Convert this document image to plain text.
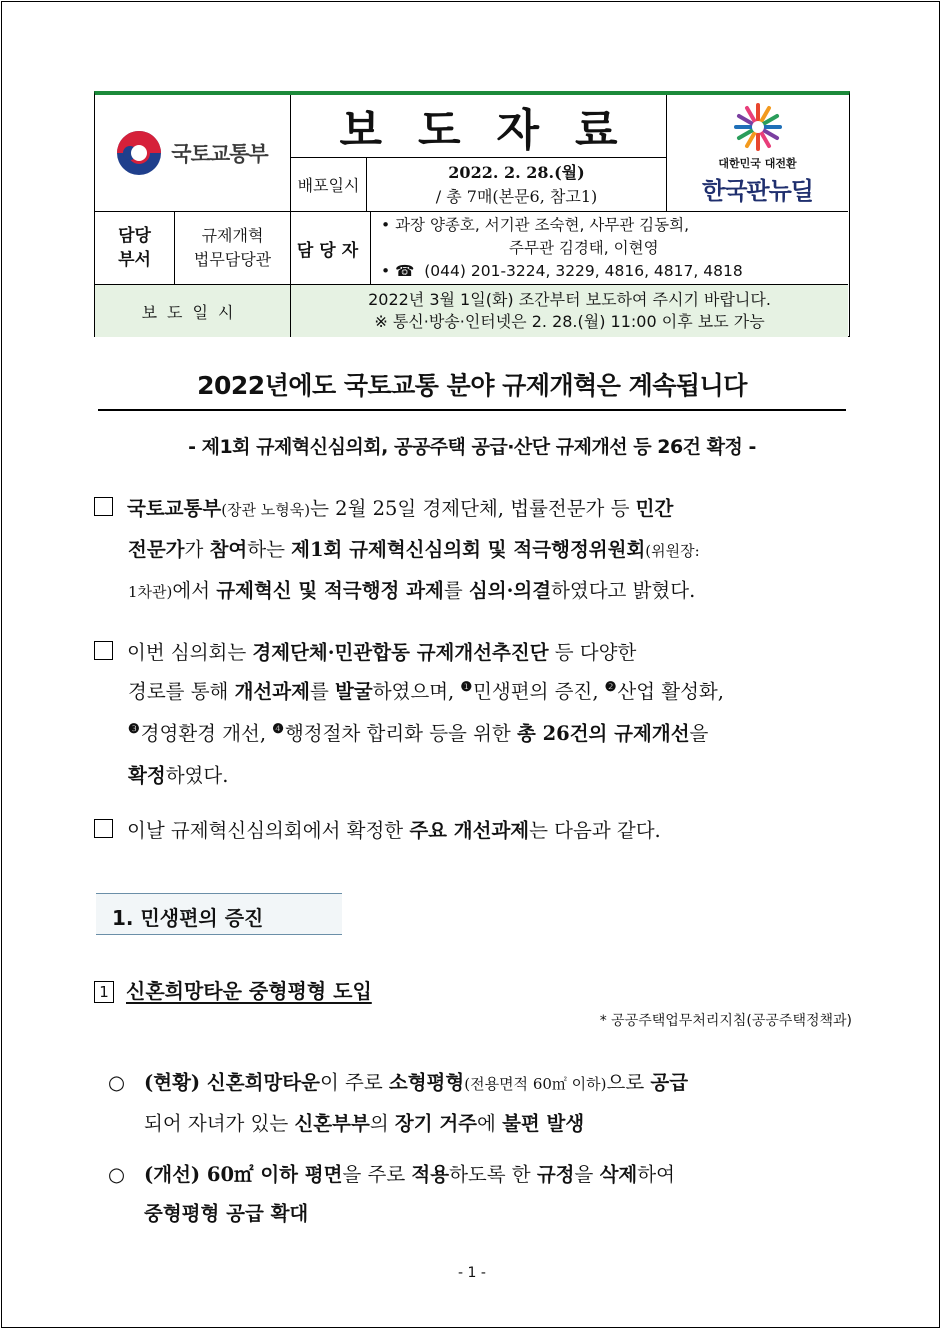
국토교통부	보도자료
배포일시
2022. 2. 28.(월)
/ 총 7매(본문6, 참고1)
대한민국 대전환
한국판뉴딜
담당
부서
규제개혁
법무담당관	담당자
• 과장 양종호, 서기관 조숙현, 사무관 김동희,
주무관 김경태, 이현영
• ☎ (044) 201-3224, 3229, 4816, 4817, 4818
보도일시
2022년 3월 1일(화) 조간부터 보도하여 주시기 바랍니다.
※ 통신·방송·인터넷은 2. 28.(월) 11:00 이후 보도 가능
2022년에도 국토교통 분야 규제개혁은 계속됩니다
- 제1회 규제혁신심의회, 공공주택 공급·산단 규제개선 등 26건 확정 -
국토교통부(장관 노형욱)는 2월 25일 경제단체, 법률전문가 등 민간
전문가가 참여하는 제1회 규제혁신심의회 및 적극행정위원회(위원장:
1차관)에서 규제혁신 및 적극행정 과제를 심의·의결하였다고 밝혔다.
이번 심의회는 경제단체·민관합동 규제개선추진단 등 다양한
경로를 통해 개선과제를 발굴하였으며, $^❶$민생편의 증진, $^❷$산업 활성화,
$^❸$경영환경 개선, $^❹$행정절차 합리화 등을 위한 총 26건의 규제개선을
확정하였다.
이날 규제혁신심의회에서 확정한 주요 개선과제는 다음과 같다.
1. 민생편의 증진
1 신혼희망타운 중형평형 도입
* 공공주택업무처리지침(공공주택정책과)
○ (현황) 신혼희망타운이 주로 소형평형(전용면적 60㎡ 이하)으로 공급
되어 자녀가 있는 신혼부부의 장기 거주에 불편 발생
○ (개선) 60㎡ 이하 평면을 주로 적용하도록 한 규정을 삭제하여
중형평형 공급 확대
- 1 -
